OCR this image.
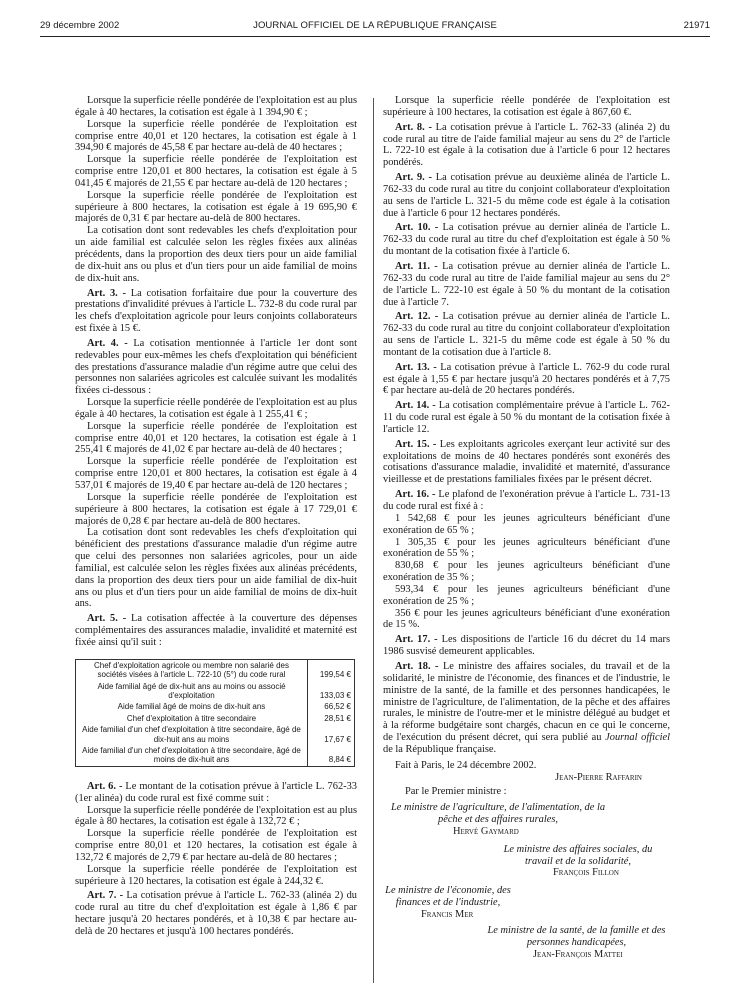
29 décembre 2002	JOURNAL OFFICIEL DE LA RÉPUBLIQUE FRANÇAISE	21971

Lorsque la superficie réelle pondérée de l'exploitation est au plus égale à 40 hectares, la cotisation est égale à 1 394,90 € ;

Lorsque la superficie réelle pondérée de l'exploitation est comprise entre 40,01 et 120 hectares, la cotisation est égale à 1 394,90 € majorés de 45,58 € par hectare au-delà de 40 hectares ;

Lorsque la superficie réelle pondérée de l'exploitation est comprise entre 120,01 et 800 hectares, la cotisation est égale à 5 041,45 € majorés de 21,55 € par hectare au-delà de 120 hectares ;

Lorsque la superficie réelle pondérée de l'exploitation est supérieure à 800 hectares, la cotisation est égale à 19 695,90 € majorés de 0,31 € par hectare au-delà de 800 hectares.

La cotisation dont sont redevables les chefs d'exploitation pour un aide familial est calculée selon les règles fixées aux alinéas précédents, dans la proportion des deux tiers pour un aide familial de dix-huit ans ou plus et d'un tiers pour un aide familial de moins de dix-huit ans.

Art. 3. - La cotisation forfaitaire due pour la couverture des prestations d'invalidité prévues à l'article L. 732-8 du code rural par les chefs d'exploitation agricole pour leurs conjoints collaborateurs est fixée à 15 €.

Art. 4. - La cotisation mentionnée à l'article 1er dont sont redevables pour eux-mêmes les chefs d'exploitation qui bénéficient des prestations d'assurance maladie d'un régime autre que celui des personnes non salariées agricoles est calculée suivant les modalités fixées ci-dessous :

Lorsque la superficie réelle pondérée de l'exploitation est au plus égale à 40 hectares, la cotisation est égale à 1 255,41 € ;

Lorsque la superficie réelle pondérée de l'exploitation est comprise entre 40,01 et 120 hectares, la cotisation est égale à 1 255,41 € majorés de 41,02 € par hectare au-delà de 40 hectares ;

Lorsque la superficie réelle pondérée de l'exploitation est comprise entre 120,01 et 800 hectares, la cotisation est égale à 4 537,01 € majorés de 19,40 € par hectare au-delà de 120 hectares ;

Lorsque la superficie réelle pondérée de l'exploitation est supérieure à 800 hectares, la cotisation est égale à 17 729,01 € majorés de 0,28 € par hectare au-delà de 800 hectares.

La cotisation dont sont redevables les chefs d'exploitation qui bénéficient des prestations d'assurance maladie d'un régime autre que celui des personnes non salariées agricoles, pour un aide familial, est calculée selon les règles fixées aux alinéas précédents, dans la proportion des deux tiers pour un aide familial de dix-huit ans ou plus et d'un tiers pour un aide familial de moins de dix-huit ans.

Art. 5. - La cotisation affectée à la couverture des dépenses complémentaires des assurances maladie, invalidité et maternité est fixée ainsi qu'il suit :

Chef d'exploitation agricole ou membre non salarié des sociétés visées à l'article L. 722-10 (5°) du code rural	199,54 €
Aide familial âgé de dix-huit ans au moins ou associé d'exploitation	133,03 €
Aide familial âgé de moins de dix-huit ans	66,52 €
Chef d'exploitation à titre secondaire	28,51 €
Aide familial d'un chef d'exploitation à titre secondaire, âgé de dix-huit ans au moins	17,67 €
Aide familial d'un chef d'exploitation à titre secondaire, âgé de moins de dix-huit ans	8,84 €

Art. 6. - Le montant de la cotisation prévue à l'article L. 762-33 (1er alinéa) du code rural est fixé comme suit :

Lorsque la superficie réelle pondérée de l'exploitation est au plus égale à 80 hectares, la cotisation est égale à 132,72 € ;

Lorsque la superficie réelle pondérée de l'exploitation est comprise entre 80,01 et 120 hectares, la cotisation est égale à 132,72 € majorés de 2,79 € par hectare au-delà de 80 hectares ;

Lorsque la superficie réelle pondérée de l'exploitation est supérieure à 120 hectares, la cotisation est égale à 244,32 €.

Art. 7. - La cotisation prévue à l'article L. 762-33 (alinéa 2) du code rural au titre du chef d'exploitation est égale à 1,86 € par hectare jusqu'à 20 hectares pondérés, et à 10,38 € par hectare au-delà de 20 hectares et jusqu'à 100 hectares pondérés.

Lorsque la superficie réelle pondérée de l'exploitation est supérieure à 100 hectares, la cotisation est égale à 867,60 €.

Art. 8. - La cotisation prévue à l'article L. 762-33 (alinéa 2) du code rural au titre de l'aide familial majeur au sens du 2° de l'article L. 722-10 est égale à la cotisation due à l'article 6 pour 12 hectares pondérés.

Art. 9. - La cotisation prévue au deuxième alinéa de l'article L. 762-33 du code rural au titre du conjoint collaborateur d'exploitation au sens de l'article L. 321-5 du même code est égale à la cotisation due à l'article 6 pour 12 hectares pondérés.

Art. 10. - La cotisation prévue au dernier alinéa de l'article L. 762-33 du code rural au titre du chef d'exploitation est égale à 50 % du montant de la cotisation fixée à l'article 6.

Art. 11. - La cotisation prévue au dernier alinéa de l'article L. 762-33 du code rural au titre de l'aide familial majeur au sens du 2° de l'article L. 722-10 est égale à 50 % du montant de la cotisation due à l'article 7.

Art. 12. - La cotisation prévue au dernier alinéa de l'article L. 762-33 du code rural au titre du conjoint collaborateur d'exploitation au sens de l'article L. 321-5 du même code est égale à 50 % du montant de la cotisation due à l'article 8.

Art. 13. - La cotisation prévue à l'article L. 762-9 du code rural est égale à 1,55 € par hectare jusqu'à 20 hectares pondérés et à 7,75 € par hectare au-delà de 20 hectares pondérés.

Art. 14. - La cotisation complémentaire prévue à l'article L. 762-11 du code rural est égale à 50 % du montant de la cotisation fixée à l'article 12.

Art. 15. - Les exploitants agricoles exerçant leur activité sur des exploitations de moins de 40 hectares pondérés sont exonérés des cotisations d'assurance maladie, invalidité et maternité, d'assurance vieillesse et de prestations familiales fixées par le présent décret.

Art. 16. - Le plafond de l'exonération prévue à l'article L. 731-13 du code rural est fixé à :

1 542,68 € pour les jeunes agriculteurs bénéficiant d'une exonération de 65 % ;

1 305,35 € pour les jeunes agriculteurs bénéficiant d'une exonération de 55 % ;

830,68 € pour les jeunes agriculteurs bénéficiant d'une exonération de 35 % ;

593,34 € pour les jeunes agriculteurs bénéficiant d'une exonération de 25 % ;

356 € pour les jeunes agriculteurs bénéficiant d'une exonération de 15 %.

Art. 17. - Les dispositions de l'article 16 du décret du 14 mars 1986 susvisé demeurent applicables.

Art. 18. - Le ministre des affaires sociales, du travail et de la solidarité, le ministre de l'économie, des finances et de l'industrie, le ministre de la santé, de la famille et des personnes handicapées, le ministre de l'agriculture, de l'alimentation, de la pêche et des affaires rurales, le ministre de l'outre-mer et le ministre délégué au budget et à la réforme budgétaire sont chargés, chacun en ce qui le concerne, de l'exécution du présent décret, qui sera publié au Journal officiel de la République française.

Fait à Paris, le 24 décembre 2002.

Jean-Pierre Raffarin
Par le Premier ministre :
Le ministre de l'agriculture, de l'alimentation, de la pêche et des affaires rurales,
Hervé Gaymard
Le ministre des affaires sociales, du travail et de la solidarité,
François Fillon
Le ministre de l'économie, des finances et de l'industrie,
Francis Mer
Le ministre de la santé, de la famille et des personnes handicapées,
Jean-François Mattei
